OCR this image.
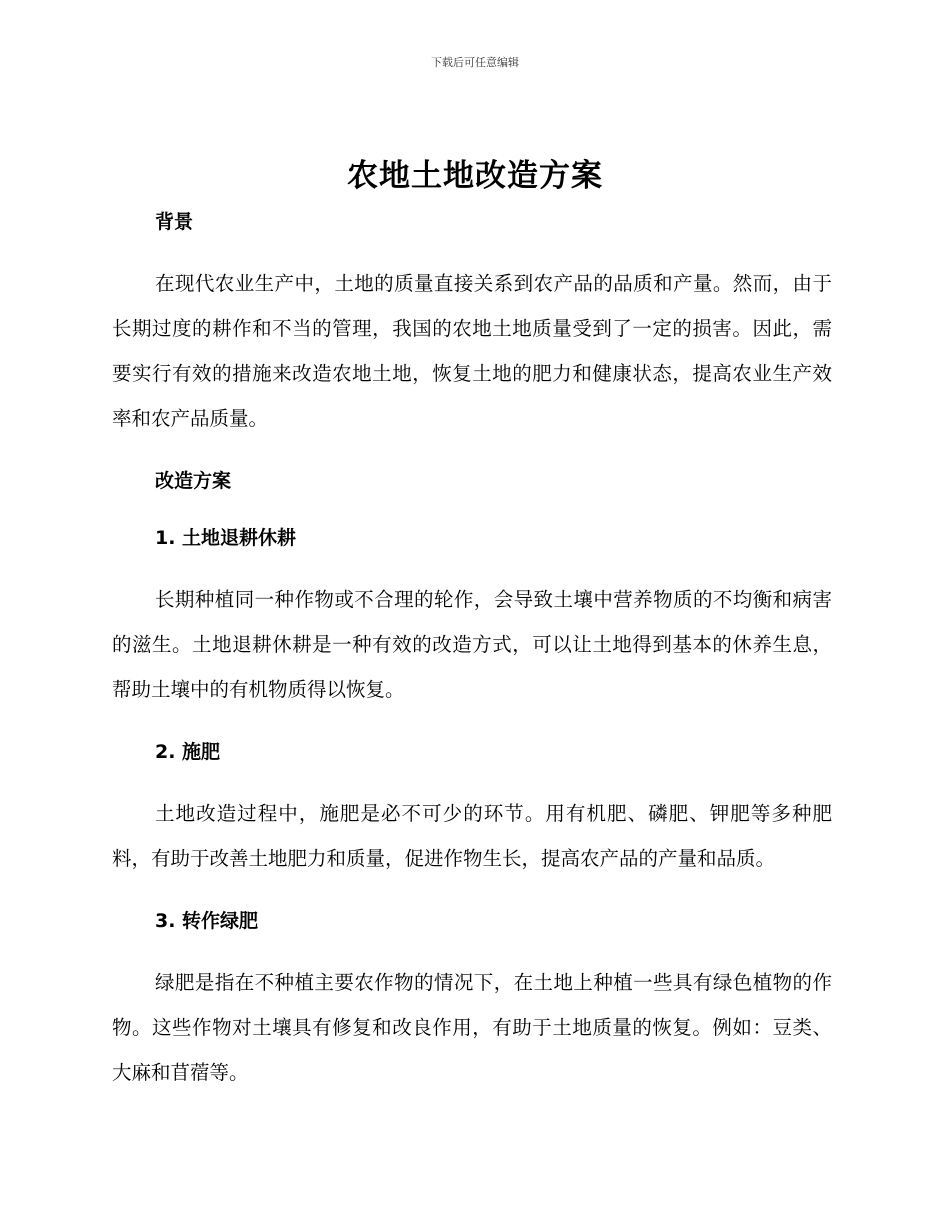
下载后可任意编辑
农地土地改造方案
背景

在现代农业生产中，土地的质量直接关系到农产品的品质和产量。然而，由于长期过度的耕作和不当的管理，我国的农地土地质量受到了一定的损害。因此，需要实行有效的措施来改造农地土地，恢复土地的肥力和健康状态，提高农业生产效率和农产品质量。

改造方案
1. 土地退耕休耕

长期种植同一种作物或不合理的轮作，会导致土壤中营养物质的不均衡和病害的滋生。土地退耕休耕是一种有效的改造方式，可以让土地得到基本的休养生息，帮助土壤中的有机物质得以恢复。

2. 施肥

土地改造过程中，施肥是必不可少的环节。用有机肥、磷肥、钾肥等多种肥料，有助于改善土地肥力和质量，促进作物生长，提高农产品的产量和品质。

3. 转作绿肥

绿肥是指在不种植主要农作物的情况下，在土地上种植一些具有绿色植物的作物。这些作物对土壤具有修复和改良作用，有助于土地质量的恢复。例如：豆类、大麻和苜蓿等。
